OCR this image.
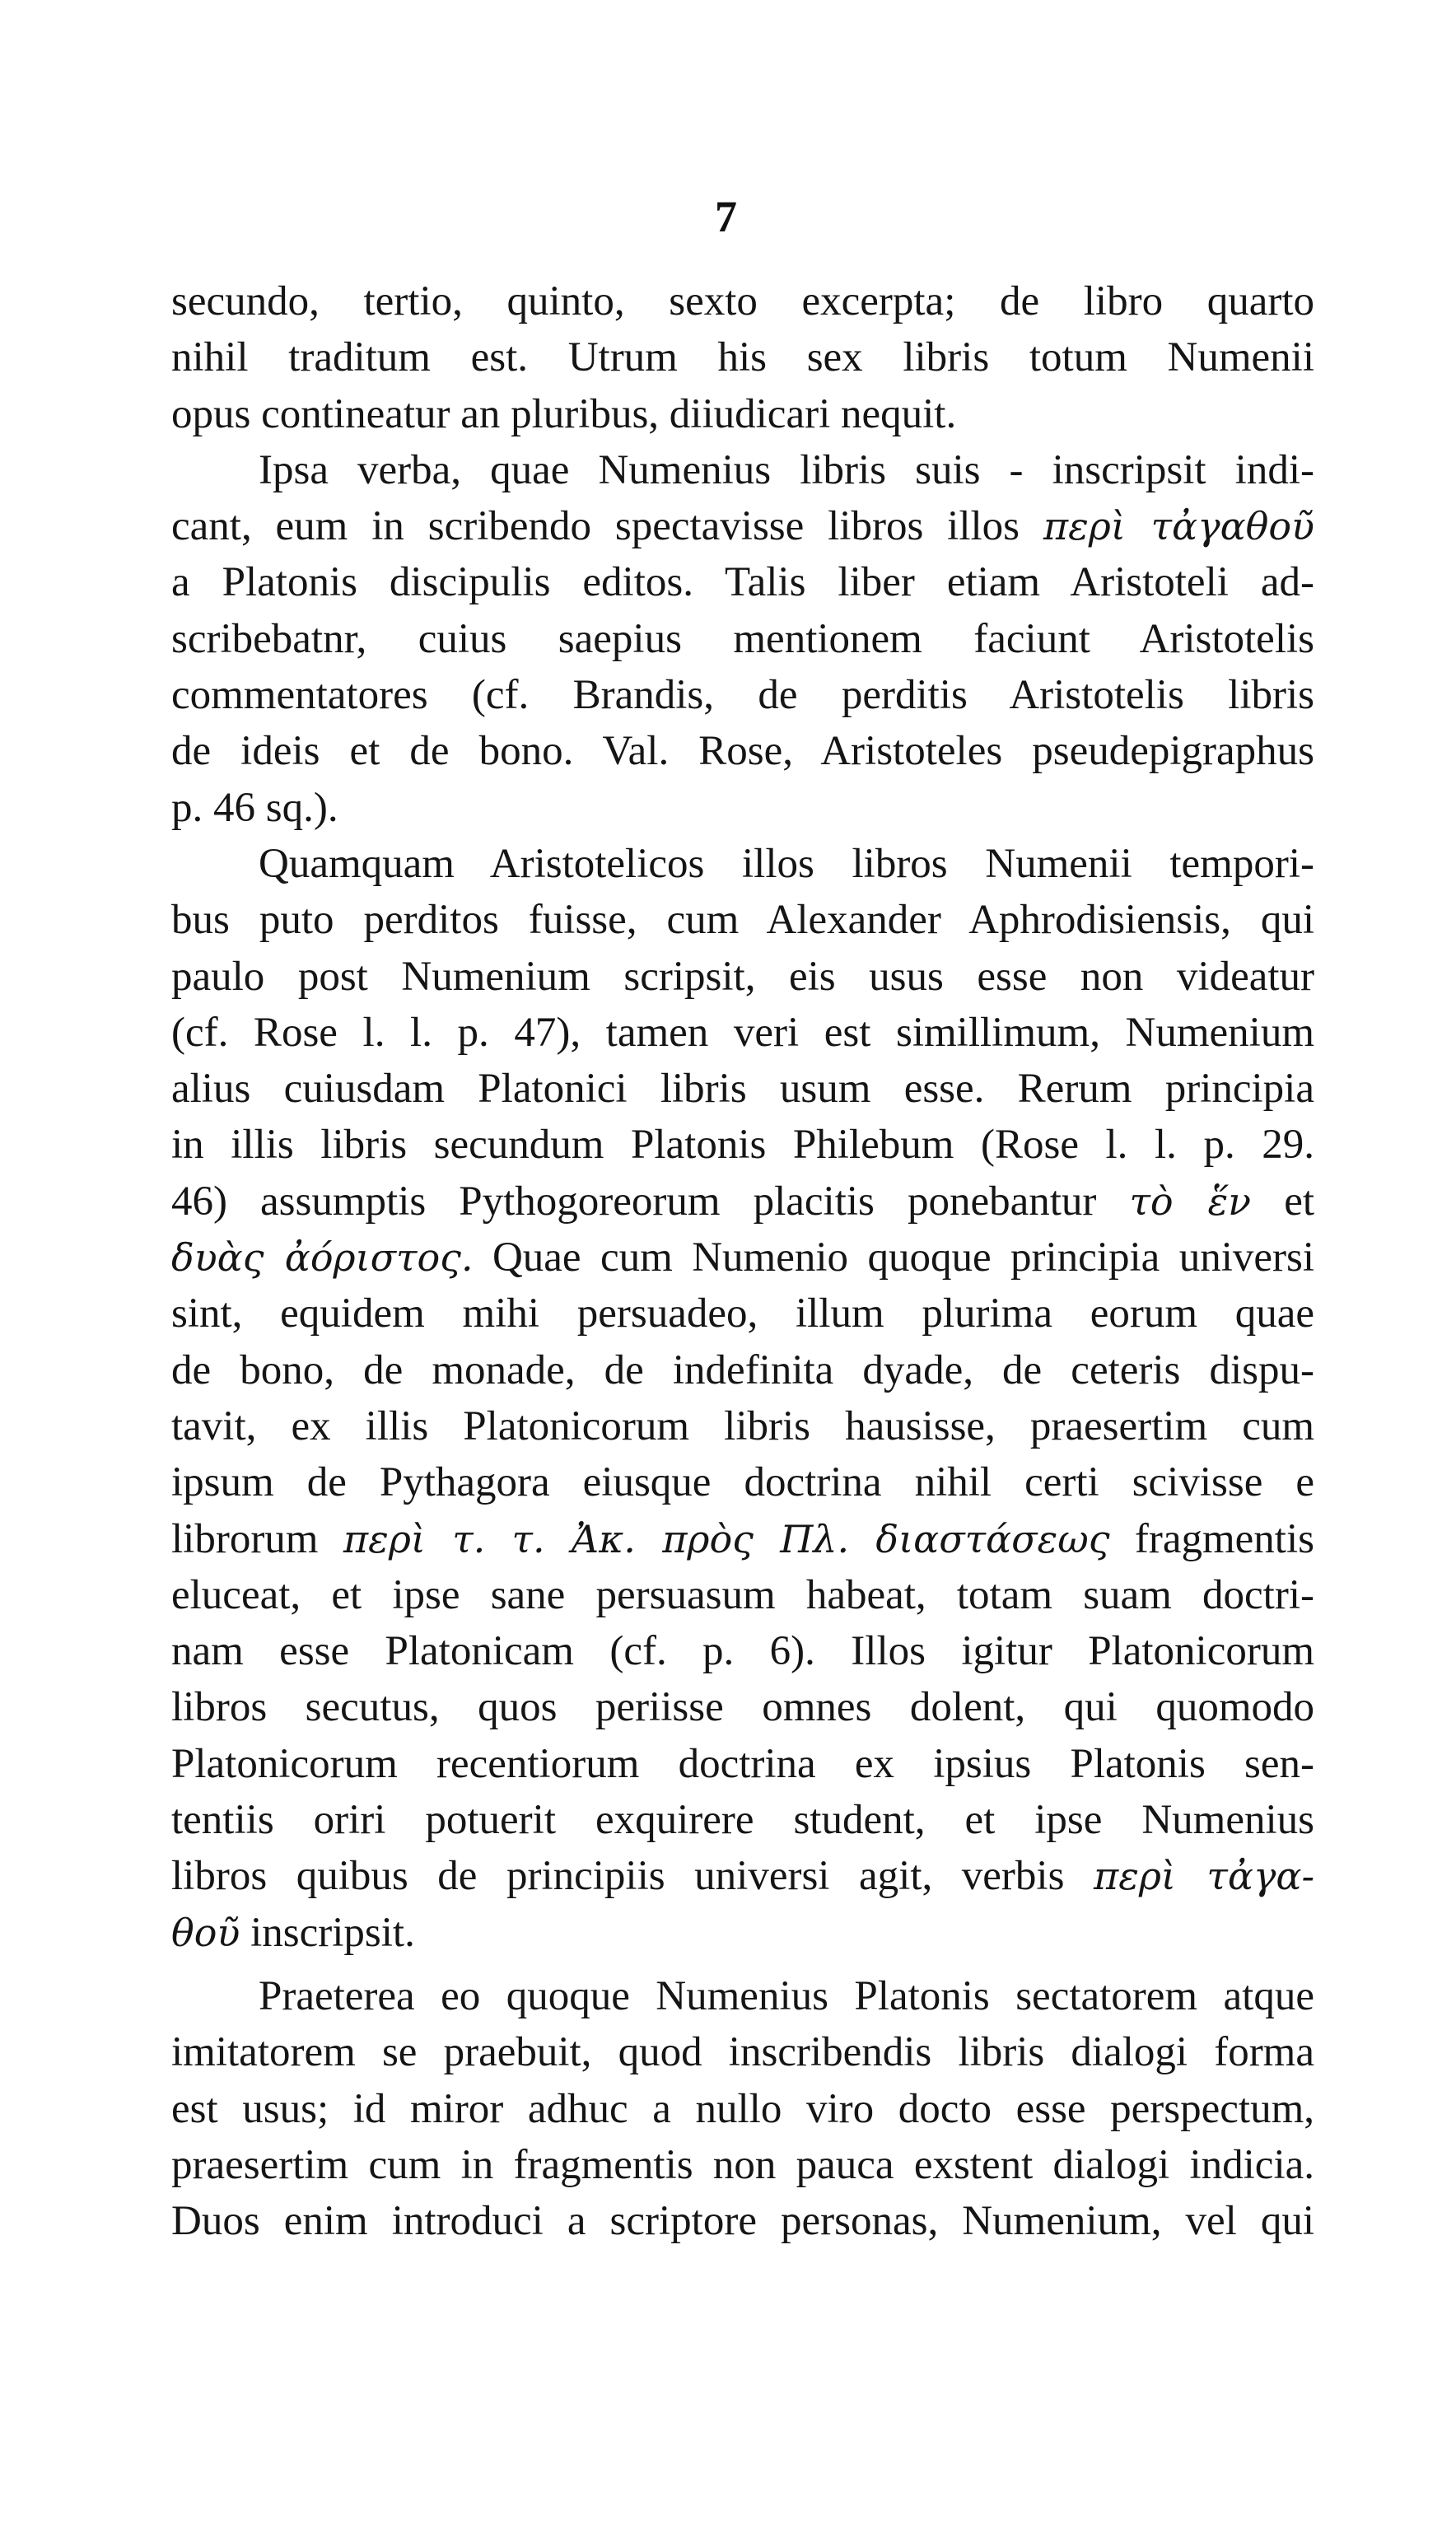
7
secundo, tertio, quinto, sexto excerpta; de libro quarto
nihil traditum est. Utrum his sex libris totum Numenii
opus contineatur an pluribus, diiudicari nequit.
Ipsa verba, quae Numenius libris suis - inscripsit indi-
cant, eum in scribendo spectavisse libros illos περὶ τἀγαθοῦ
a Platonis discipulis editos. Talis liber etiam Aristoteli ad-
scribebatnr, cuius saepius mentionem faciunt Aristotelis
commentatores (cf. Brandis, de perditis Aristotelis libris
de ideis et de bono. Val. Rose, Aristoteles pseudepigraphus
p. 46 sq.).
Quamquam Aristotelicos illos libros Numenii tempori-
bus puto perditos fuisse, cum Alexander Aphrodisiensis, qui
paulo post Numenium scripsit, eis usus esse non videatur
(cf. Rose l. l. p. 47), tamen veri est simillimum, Numenium
alius cuiusdam Platonici libris usum esse. Rerum principia
in illis libris secundum Platonis Philebum (Rose l. l. p. 29.
46) assumptis Pythogoreorum placitis ponebantur τὸ ἕν et
δυὰς ἀόριστος. Quae cum Numenio quoque principia universi
sint, equidem mihi persuadeo, illum plurima eorum quae
de bono, de monade, de indefinita dyade, de ceteris dispu-
tavit, ex illis Platonicorum libris hausisse, praesertim cum
ipsum de Pythagora eiusque doctrina nihil certi scivisse e
librorum περὶ τ. τ. Ἀκ. πρὸς Πλ. διαστάσεως fragmentis
eluceat, et ipse sane persuasum habeat, totam suam doctri-
nam esse Platonicam (cf. p. 6). Illos igitur Platonicorum
libros secutus, quos periisse omnes dolent, qui quomodo
Platonicorum recentiorum doctrina ex ipsius Platonis sen-
tentiis oriri potuerit exquirere student, et ipse Numenius
libros quibus de principiis universi agit, verbis περὶ τἀγα-
θοῦ inscripsit.
Praeterea eo quoque Numenius Platonis sectatorem atque
imitatorem se praebuit, quod inscribendis libris dialogi forma
est usus; id miror adhuc a nullo viro docto esse perspectum,
praesertim cum in fragmentis non pauca exstent dialogi indicia.
Duos enim introduci a scriptore personas, Numenium, vel qui
